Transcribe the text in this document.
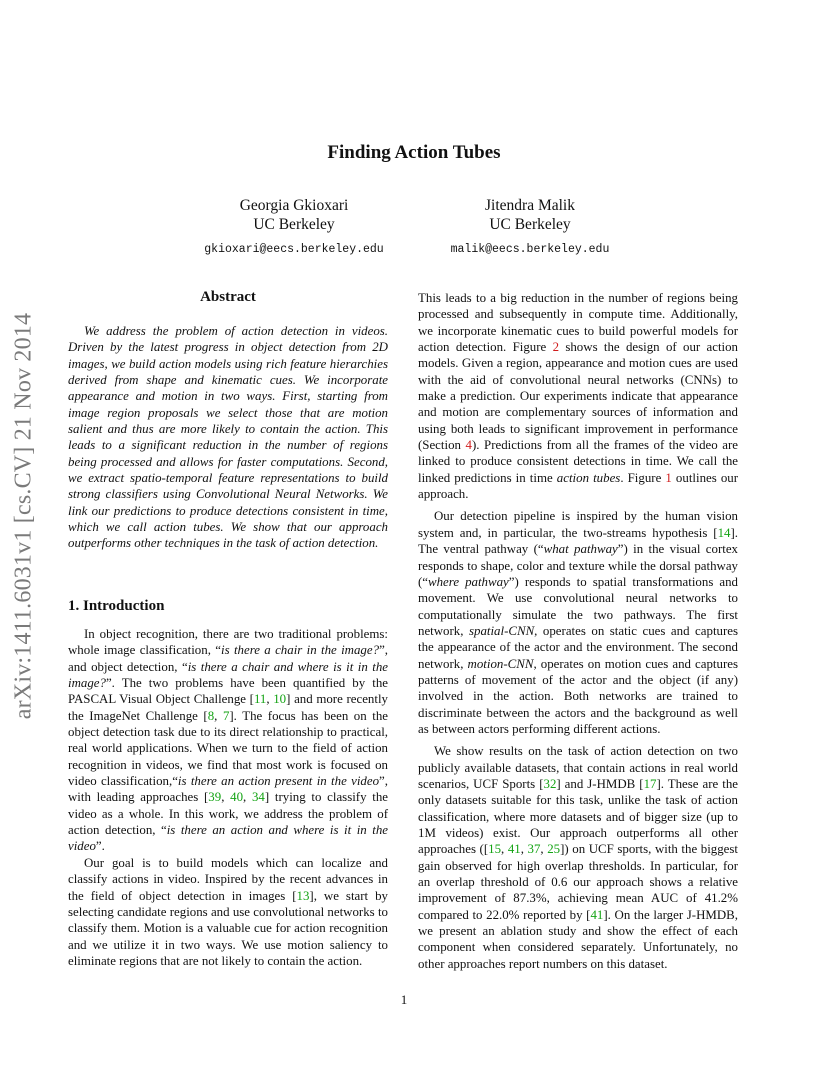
arXiv:1411.6031v1 [cs.CV] 21 Nov 2014
Finding Action Tubes
Georgia Gkioxari
UC Berkeley
gkioxari@eecs.berkeley.edu
Jitendra Malik
UC Berkeley
malik@eecs.berkeley.edu
Abstract

We address the problem of action detection in videos. Driven by the latest progress in object detection from 2D images, we build action models using rich feature hierarchies derived from shape and kinematic cues. We incorporate appearance and motion in two ways. First, starting from image region proposals we select those that are motion salient and thus are more likely to contain the action. This leads to a significant reduction in the number of regions being processed and allows for faster computations. Second, we extract spatio-temporal feature representations to build strong classifiers using Convolutional Neural Networks. We link our predictions to produce detections consistent in time, which we call action tubes. We show that our approach outperforms other techniques in the task of action detection.

1. Introduction

In object recognition, there are two traditional problems: whole image classification, “is there a chair in the image?”, and object detection, “is there a chair and where is it in the image?”. The two problems have been quantified by the PASCAL Visual Object Challenge [11, 10] and more recently the ImageNet Challenge [8, 7]. The focus has been on the object detection task due to its direct relationship to practical, real world applications. When we turn to the field of action recognition in videos, we find that most work is focused on video classification,“is there an action present in the video”, with leading approaches [39, 40, 34] trying to classify the video as a whole. In this work, we address the problem of action detection, “is there an action and where is it in the video”.

Our goal is to build models which can localize and classify actions in video. Inspired by the recent advances in the field of object detection in images [13], we start by selecting candidate regions and use convolutional networks to classify them. Motion is a valuable cue for action recognition and we utilize it in two ways. We use motion saliency to eliminate regions that are not likely to contain the action.

This leads to a big reduction in the number of regions being processed and subsequently in compute time. Additionally, we incorporate kinematic cues to build powerful models for action detection. Figure 2 shows the design of our action models. Given a region, appearance and motion cues are used with the aid of convolutional neural networks (CNNs) to make a prediction. Our experiments indicate that appearance and motion are complementary sources of information and using both leads to significant improvement in performance (Section 4). Predictions from all the frames of the video are linked to produce consistent detections in time. We call the linked predictions in time action tubes. Figure 1 outlines our approach.

Our detection pipeline is inspired by the human vision system and, in particular, the two-streams hypothesis [14]. The ventral pathway (“what pathway”) in the visual cortex responds to shape, color and texture while the dorsal pathway (“where pathway”) responds to spatial transformations and movement. We use convolutional neural networks to computationally simulate the two pathways. The first network, spatial-CNN, operates on static cues and captures the appearance of the actor and the environment. The second network, motion-CNN, operates on motion cues and captures patterns of movement of the actor and the object (if any) involved in the action. Both networks are trained to discriminate between the actors and the background as well as between actors performing different actions.

We show results on the task of action detection on two publicly available datasets, that contain actions in real world scenarios, UCF Sports [32] and J-HMDB [17]. These are the only datasets suitable for this task, unlike the task of action classification, where more datasets and of bigger size (up to 1M videos) exist. Our approach outperforms all other approaches ([15, 41, 37, 25]) on UCF sports, with the biggest gain observed for high overlap thresholds. In particular, for an overlap threshold of 0.6 our approach shows a relative improvement of 87.3%, achieving mean AUC of 41.2% compared to 22.0% reported by [41]. On the larger J-HMDB, we present an ablation study and show the effect of each component when considered separately. Unfortunately, no other approaches report numbers on this dataset.

1
